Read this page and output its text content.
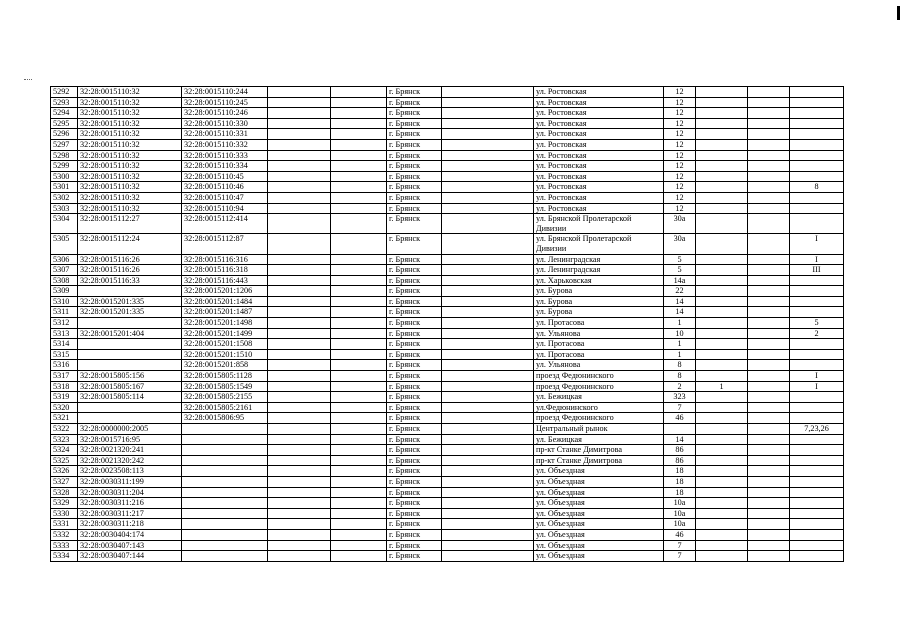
5292	32:28:0015110:32	32:28:0015110:244			г. Брянск		ул. Ростовская	12			
5293	32:28:0015110:32	32:28:0015110:245			г. Брянск		ул. Ростовская	12			
5294	32:28:0015110:32	32:28:0015110:246			г. Брянск		ул. Ростовская	12			
5295	32:28:0015110:32	32:28:0015110:330			г. Брянск		ул. Ростовская	12			
5296	32:28:0015110:32	32:28:0015110:331			г. Брянск		ул. Ростовская	12			
5297	32:28:0015110:32	32:28:0015110:332			г. Брянск		ул. Ростовская	12			
5298	32:28:0015110:32	32:28:0015110:333			г. Брянск		ул. Ростовская	12			
5299	32:28:0015110:32	32:28:0015110:334			г. Брянск		ул. Ростовская	12			
5300	32:28:0015110:32	32:28:0015110:45			г. Брянск		ул. Ростовская	12			
5301	32:28:0015110:32	32:28:0015110:46			г. Брянск		ул. Ростовская	12			8
5302	32:28:0015110:32	32:28:0015110:47			г. Брянск		ул. Ростовская	12			
5303	32:28:0015110:32	32:28:0015110:94			г. Брянск		ул. Ростовская	12			
5304	32:28:0015112:27	32:28:0015112:414			г. Брянск		ул. Брянской Пролетарской Дивизии	30а			
5305	32:28:0015112:24	32:28:0015112:87			г. Брянск		ул. Брянской Пролетарской Дивизии	30а			I
5306	32:28:0015116:26	32:28:0015116:316			г. Брянск		ул. Ленинградская	5			I
5307	32:28:0015116:26	32:28:0015116:318			г. Брянск		ул. Ленинградская	5			III
5308	32:28:0015116:33	32:28:0015116:443			г. Брянск		ул. Харьковская	14а			
5309		32:28:0015201:1206			г. Брянск		ул. Бурова	22			
5310	32:28:0015201:335	32:28:0015201:1484			г. Брянск		ул. Бурова	14			
5311	32:28:0015201:335	32:28:0015201:1487			г. Брянск		ул. Бурова	14			
5312		32:28:0015201:1498			г. Брянск		ул. Протасова	1			5
5313	32:28:0015201:404	32:28:0015201:1499			г. Брянск		ул. Ульянова	10			2
5314		32:28:0015201:1508			г. Брянск		ул. Протасова	1			
5315		32:28:0015201:1510			г. Брянск		ул. Протасова	1			
5316		32:28:0015201:858			г. Брянск		ул. Ульянова	8			
5317	32:28:0015805:156	32:28:0015805:1128			г. Брянск		проезд Федюнинского	8			I
5318	32:28:0015805:167	32:28:0015805:1549			г. Брянск		проезд Федюнинского	2	1		I
5319	32:28:0015805:114	32:28:0015805:2155			г. Брянск		ул. Бежицкая	323			
5320		32:28:0015805:2161			г. Брянск		ул.Федюнинского	7			
5321		32:28:0015806:95			г. Брянск		проезд Федюнинского	46			
5322	32:28:0000000:2005				г. Брянск		Центральный рынок				7,23,26
5323	32:28:0015716:95				г. Брянск		ул. Бежицкая	14			
5324	32:28:0021320:241				г. Брянск		пр-кт Станке Димитрова	86			
5325	32:28:0021320:242				г. Брянск		пр-кт Станке Димитрова	86			
5326	32:28:0023508:113				г. Брянск		ул. Объездная	18			
5327	32:28:0030311:199				г. Брянск		ул. Объездная	18			
5328	32:28:0030311:204				г. Брянск		ул. Объездная	18			
5329	32:28:0030311:216				г. Брянск		ул. Объездная	10а			
5330	32:28:0030311:217				г. Брянск		ул. Объездная	10а			
5331	32:28:0030311:218				г. Брянск		ул. Объездная	10а			
5332	32:28:0030404:174				г. Брянск		ул. Объездная	46			
5333	32:28:0030407:143				г. Брянск		ул. Объездная	7			
5334	32:28:0030407:144				г. Брянск		ул. Объездная	7			
